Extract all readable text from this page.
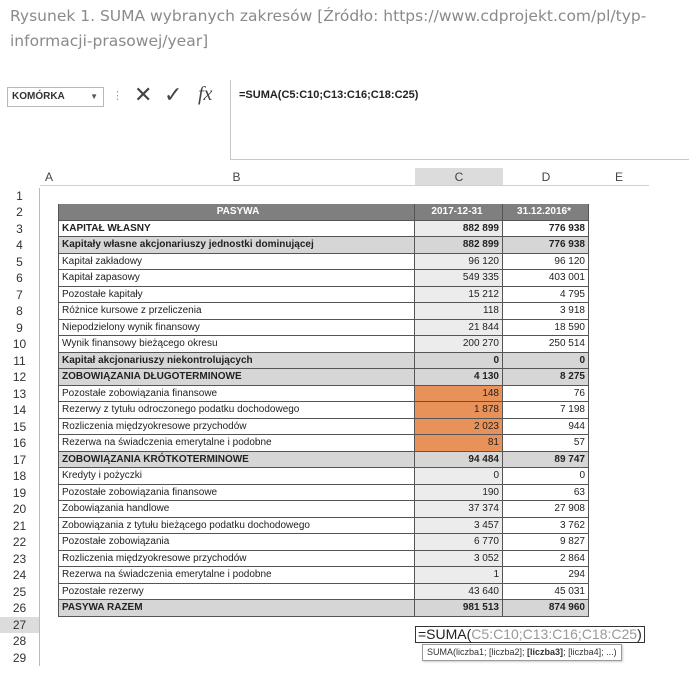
Rysunek 1. SUMA wybranych zakresów [Źródło: https://www.cdprojekt.com/pl/typ-informacji-prasowej/year]
KOMÓRKA	▼ ⋮ ✕ ✓ fx =SUMA(C5:C10;C13:C16;C18:C25)
A	B	C	D	E
1
2
3
4
5
6
7
8
9
10
11
12
13
14
15
16
17
18
19
20
21
22
23
24
25
26
27
28
29
PASYWA	2017-12-31	31.12.2016*
KAPITAŁ WŁASNY	882 899	776 938
Kapitały własne akcjonariuszy jednostki dominującej	882 899	776 938
Kapitał zakładowy	96 120	96 120
Kapitał zapasowy	549 335	403 001
Pozostałe kapitały	15 212	4 795
Różnice kursowe z przeliczenia	118	3 918
Niepodzielony wynik finansowy	21 844	18 590
Wynik finansowy bieżącego okresu	200 270	250 514
Kapitał akcjonariuszy niekontrolujących	0	0
ZOBOWIĄZANIA DŁUGOTERMINOWE	4 130	8 275
Pozostałe zobowiązania finansowe	148	76
Rezerwy z tytułu odroczonego podatku dochodowego	1 878	7 198
Rozliczenia międzyokresowe przychodów	2 023	944
Rezerwa na świadczenia emerytalne i podobne	81	57
ZOBOWIĄZANIA KRÓTKOTERMINOWE	94 484	89 747
Kredyty i pożyczki	0	0
Pozostałe zobowiązania finansowe	190	63
Zobowiązania handlowe	37 374	27 908
Zobowiązania z tytułu bieżącego podatku dochodowego	3 457	3 762
Pozostałe zobowiązania	6 770	9 827
Rozliczenia międzyokresowe przychodów	3 052	2 864
Rezerwa na świadczenia emerytalne i podobne	1	294
Pozostałe rezerwy	43 640	45 031
PASYWA RAZEM	981 513	874 960
=SUMA(C5:C10;C13:C16;C18:C25)
SUMA(liczba1; [liczba2]; [liczba3]; [liczba4]; ...)
